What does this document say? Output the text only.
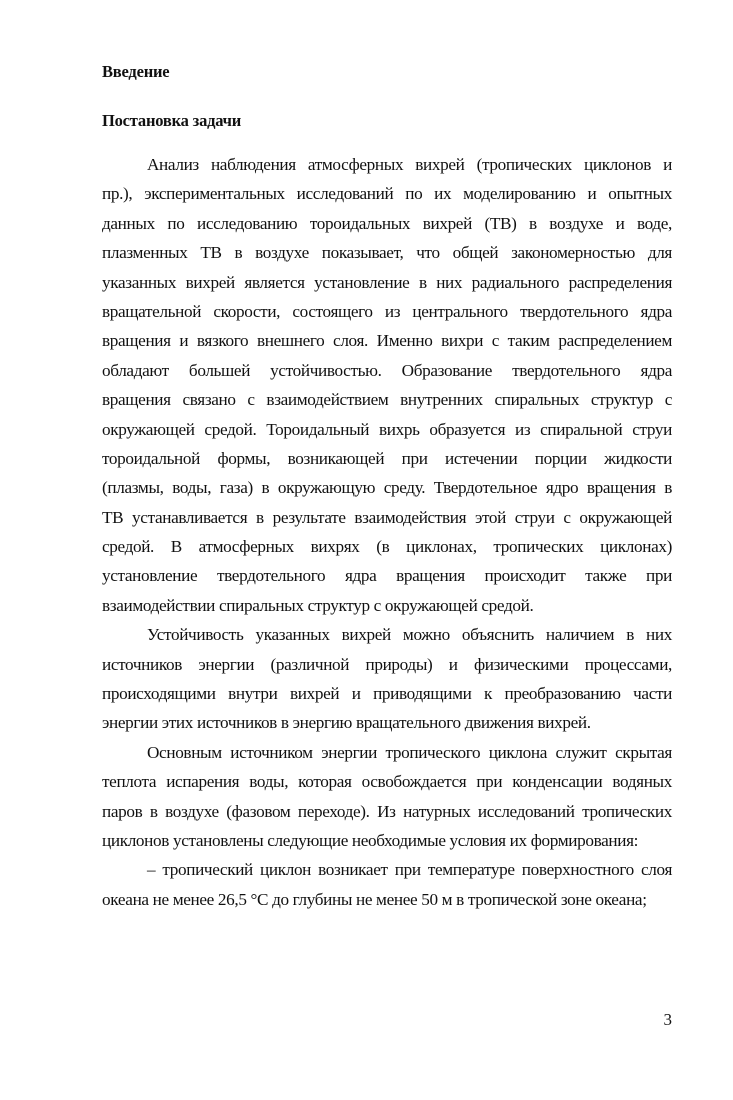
Введение
Постановка задачи
Анализ наблюдения атмосферных вихрей (тропических циклонов и
пр.), экспериментальных исследований по их моделированию и опытных
данных по исследованию тороидальных вихрей (ТВ) в воздухе и воде,
плазменных ТВ в воздухе показывает, что общей закономерностью для
указанных вихрей является установление в них радиального распределения
вращательной скорости, состоящего из центрального твердотельного ядра
вращения и вязкого внешнего слоя. Именно вихри с таким распределением
обладают большей устойчивостью. Образование твердотельного ядра
вращения связано с взаимодействием внутренних спиральных структур с
окружающей средой. Тороидальный вихрь образуется из спиральной струи
тороидальной формы, возникающей при истечении порции жидкости
(плазмы, воды, газа) в окружающую среду. Твердотельное ядро вращения в
ТВ устанавливается в результате взаимодействия этой струи с окружающей
средой. В атмосферных вихрях (в циклонах, тропических циклонах)
установление твердотельного ядра вращения происходит также при
взаимодействии спиральных структур с окружающей средой.
Устойчивость указанных вихрей можно объяснить наличием в них
источников энергии (различной природы) и физическими процессами,
происходящими внутри вихрей и приводящими к преобразованию части
энергии этих источников в энергию вращательного движения вихрей.
Основным источником энергии тропического циклона служит скрытая
теплота испарения воды, которая освобождается при конденсации водяных
паров в воздухе (фазовом переходе). Из натурных исследований тропических
циклонов установлены следующие необходимые условия их формирования:
– тропический циклон возникает при температуре поверхностного слоя
океана не менее 26,5 °С до глубины не менее 50 м в тропической зоне океана;
3
